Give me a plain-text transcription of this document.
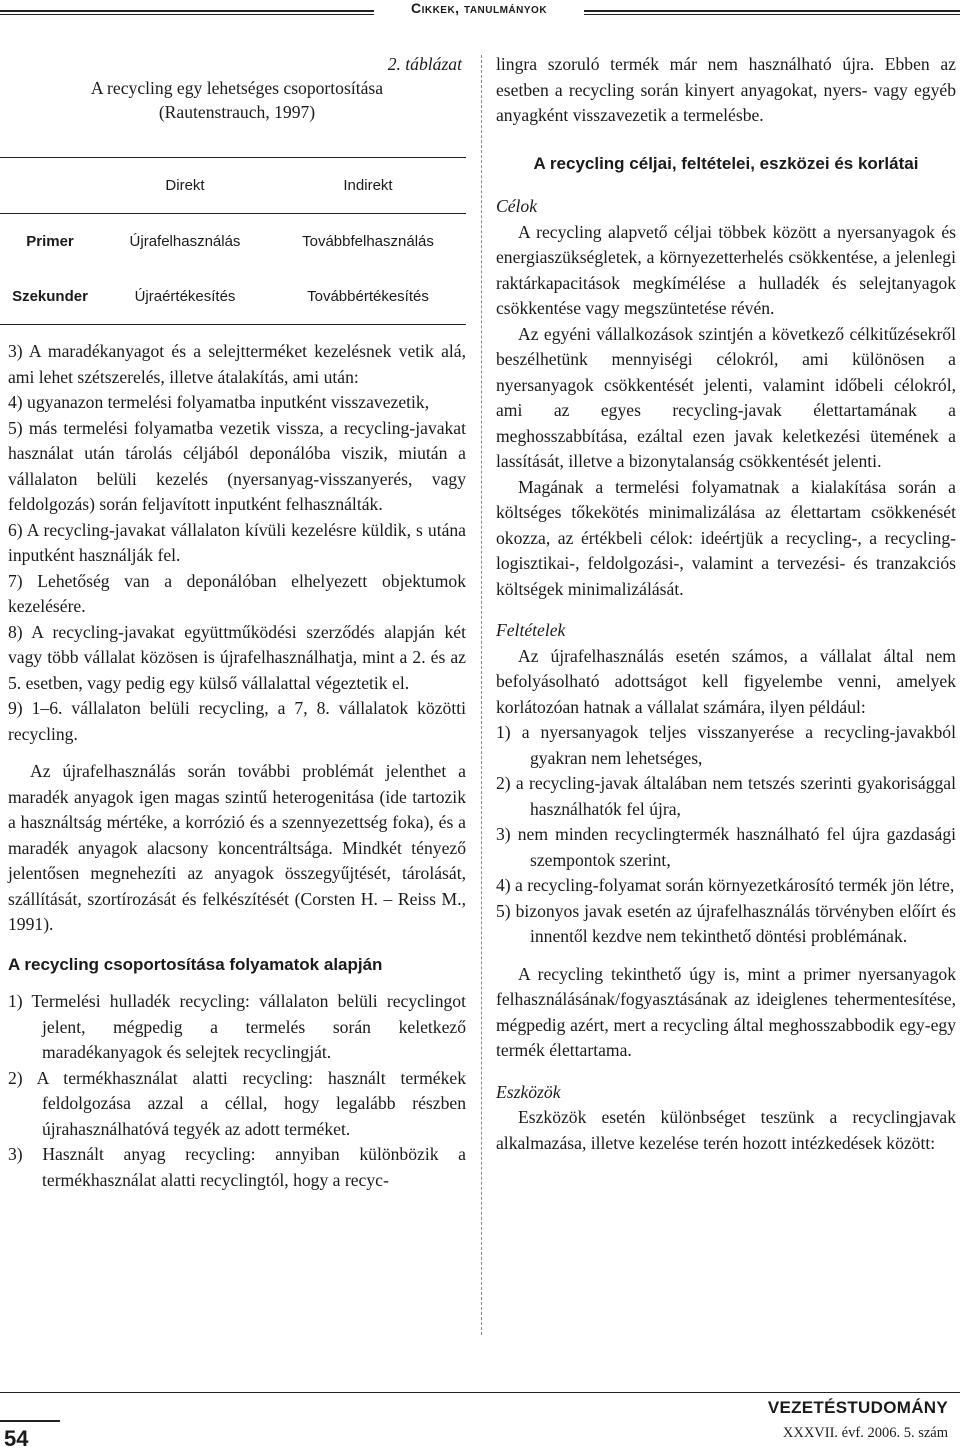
Cikkek, tanulmányok
2. táblázat
A recycling egy lehetséges csoportosítása
(Rautenstrauch, 1997)
	Direkt	Indirekt
Primer	Újrafelhasználás	Továbbfelhasználás
Szekunder	Újraértékesítés	Továbbértékesítés
3) A maradékanyagot és a selejtterméket kezelésnek vetik alá, ami lehet szétszerelés, illetve átalakítás, ami után:
4) ugyanazon termelési folyamatba inputként visszavezetik,
5) más termelési folyamatba vezetik vissza, a recycling-javakat használat után tárolás céljából deponálóba viszik, miután a vállalaton belüli kezelés (nyersanyag-visszanyerés, vagy feldolgozás) során feljavított inputként felhasználták.
6) A recycling-javakat vállalaton kívüli kezelésre küldik, s utána inputként használják fel.
7) Lehetőség van a deponálóban elhelyezett objektumok kezelésére.
8) A recycling-javakat együttműködési szerződés alapján két vagy több vállalat közösen is újrafelhasználhatja, mint a 2. és az 5. esetben, vagy pedig egy külső vállalattal végeztetik el.
9) 1–6. vállalaton belüli recycling, a 7, 8. vállalatok közötti recycling.

Az újrafelhasználás során további problémát jelenthet a maradék anyagok igen magas szintű heterogenitása (ide tartozik a használtság mértéke, a korrózió és a szennyezettség foka), és a maradék anyagok alacsony koncentráltsága. Mindkét tényező jelentősen megnehezíti az anyagok összegyűjtését, tárolását, szállítását, szortírozását és felkészítését (Corsten H. – Reiss M., 1991).

A recycling csoportosítása folyamatok alapján

1) Termelési hulladék recycling: vállalaton belüli recyclingot jelent, mégpedig a termelés során keletkező maradékanyagok és selejtek recyclingját.
2) A termékhasználat alatti recycling: használt termékek feldolgozása azzal a céllal, hogy legalább részben újrahasználhatóvá tegyék az adott terméket.
3) Használt anyag recycling: annyiban különbözik a termékhasználat alatti recyclingtól, hogy a recyc-

lingra szoruló termék már nem használható újra. Ebben az esetben a recycling során kinyert anyagokat, nyers- vagy egyéb anyagként visszavezetik a termelésbe.

A recycling céljai, feltételei, eszközei és korlátai

Célok

A recycling alapvető céljai többek között a nyersanyagok és energiaszükségletek, a környezetterhelés csökkentése, a jelenlegi raktárkapacitások megkímélése a hulladék és selejtanyagok csökkentése vagy megszüntetése révén.

Az egyéni vállalkozások szintjén a következő célkitűzésekről beszélhetünk mennyiségi célokról, ami különösen a nyersanyagok csökkentését jelenti, valamint időbeli célokról, ami az egyes recycling-javak élettartamának a meghosszabbítása, ezáltal ezen javak keletkezési ütemének a lassítását, illetve a bizonytalanság csökkentését jelenti.

Magának a termelési folyamatnak a kialakítása során a költséges tőkekötés minimalizálása az élettartam csökkenését okozza, az értékbeli célok: ideértjük a recycling-, a recycling-logisztikai-, feldolgozási-, valamint a tervezési- és tranzakciós költségek minimalizálását.

Feltételek

Az újrafelhasználás esetén számos, a vállalat által nem befolyásolható adottságot kell figyelembe venni, amelyek korlátozóan hatnak a vállalat számára, ilyen például:

1) a nyersanyagok teljes visszanyerése a recycling-javakból gyakran nem lehetséges,
2) a recycling-javak általában nem tetszés szerinti gyakorisággal használhatók fel újra,
3) nem minden recyclingtermék használható fel újra gazdasági szempontok szerint,
4) a recycling-folyamat során környezetkárosító termék jön létre,
5) bizonyos javak esetén az újrafelhasználás törvényben előírt és innentől kezdve nem tekinthető döntési problémának.

A recycling tekinthető úgy is, mint a primer nyersanyagok felhasználásának/fogyasztásának az ideiglenes tehermentesítése, mégpedig azért, mert a recycling által meghosszabbodik egy-egy termék élettartama.

Eszközök

Eszközök esetén különbséget teszünk a recyclingjavak alkalmazása, illetve kezelése terén hozott intézkedések között:

54
VEZETÉSTUDOMÁNY
XXXVII. évf. 2006. 5. szám
